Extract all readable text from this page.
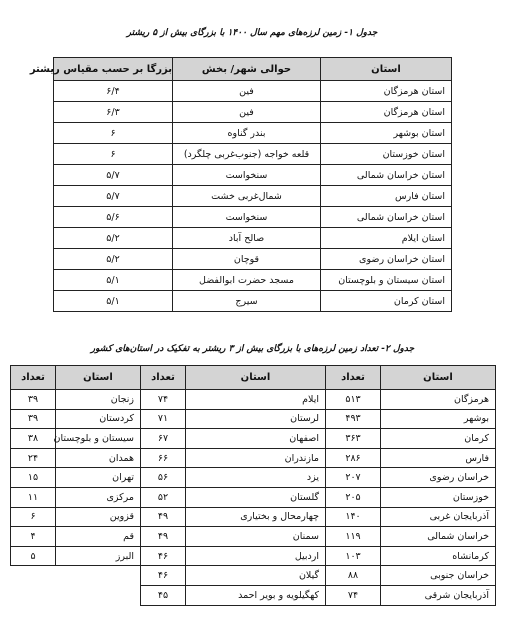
جدول ۱- زمین لرزه‌های مهم سال ۱۴۰۰ با بزرگای بیش از ۵ ریشتر
استان	حوالی شهر/ بخش	بزرگا بر حسب مقیاس ریشتر
استان هرمزگان	فین	۶/۴
استان هرمزگان	فین	۶/۳
استان بوشهر	بندر گناوه	۶
استان خوزستان	قلعه خواجه (جنوب‌غربی چلگرد)	۶
استان خراسان شمالی	سنخواست	۵/۷
استان فارس	شمال‌غربی خشت	۵/۷
استان خراسان شمالی	سنخواست	۵/۶
استان ایلام	صالح آباد	۵/۲
استان خراسان رضوی	قوچان	۵/۲
استان سیستان و بلوچستان	مسجد حضرت ابوالفضل	۵/۱
استان کرمان	سیرج	۵/۱
جدول ۲- تعداد زمین لرزه‌های با بزرگای بیش از ۳ ریشتر به تفکیک در استان‌های کشور
استان	تعداد	استان	تعداد	استان	تعداد
هرمزگان	۵۱۳	ایلام	۷۴	زنجان	۳۹
بوشهر	۴۹۳	لرستان	۷۱	کردستان	۳۹
کرمان	۳۶۳	اصفهان	۶۷	سیستان و بلوچستان	۳۸
فارس	۲۸۶	مازندران	۶۶	همدان	۲۴
خراسان رضوی	۲۰۷	یزد	۵۶	تهران	۱۵
خوزستان	۲۰۵	گلستان	۵۲	مرکزی	۱۱
آذربایجان غربی	۱۴۰	چهارمحال و بختیاری	۴۹	قزوین	۶
خراسان شمالی	۱۱۹	سمنان	۴۹	قم	۴
کرمانشاه	۱۰۳	اردبیل	۴۶	البرز	۵
خراسان جنوبی	۸۸	گیلان	۴۶		
آذربایجان شرقی	۷۴	کهگیلویه و بویر احمد	۴۵		
